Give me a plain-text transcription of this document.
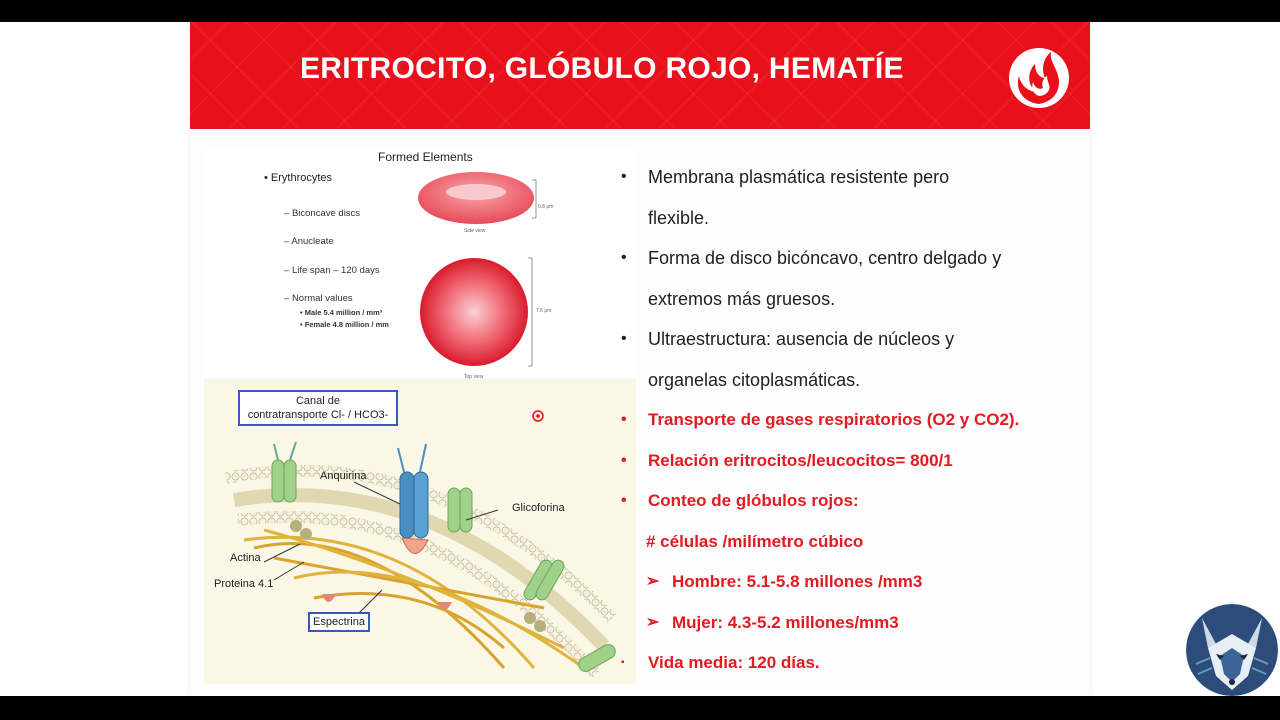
ERITROCITO, GLÓBULO ROJO, HEMATÍE
Formed Elements
• Erythrocytes
– Biconcave discs
– Anucleate
– Life span – 120 days
– Normal values
• Male 5.4 million / mm³
• Female 4.8 million / mm
Side view
0.8 μm
Top view
7.5 μm
Canal de
contratransporte Cl- / HCO3-
Anquirina
Glicoforina
Actina
Proteina 4.1
Espectrina
• Membrana plasmática resistente pero
flexible.
• Forma de disco bicóncavo, centro delgado y
extremos más gruesos.
• Ultraestructura: ausencia de núcleos y
organelas citoplasmáticas.
• Transporte de gases respiratorios (O2 y CO2).
• Relación eritrocitos/leucocitos= 800/1
• Conteo de glóbulos rojos:
# células /milímetro cúbico
➢ Hombre: 5.1-5.8 millones /mm3
➢ Mujer: 4.3-5.2 millones/mm3
▪ Vida media: 120 días.
